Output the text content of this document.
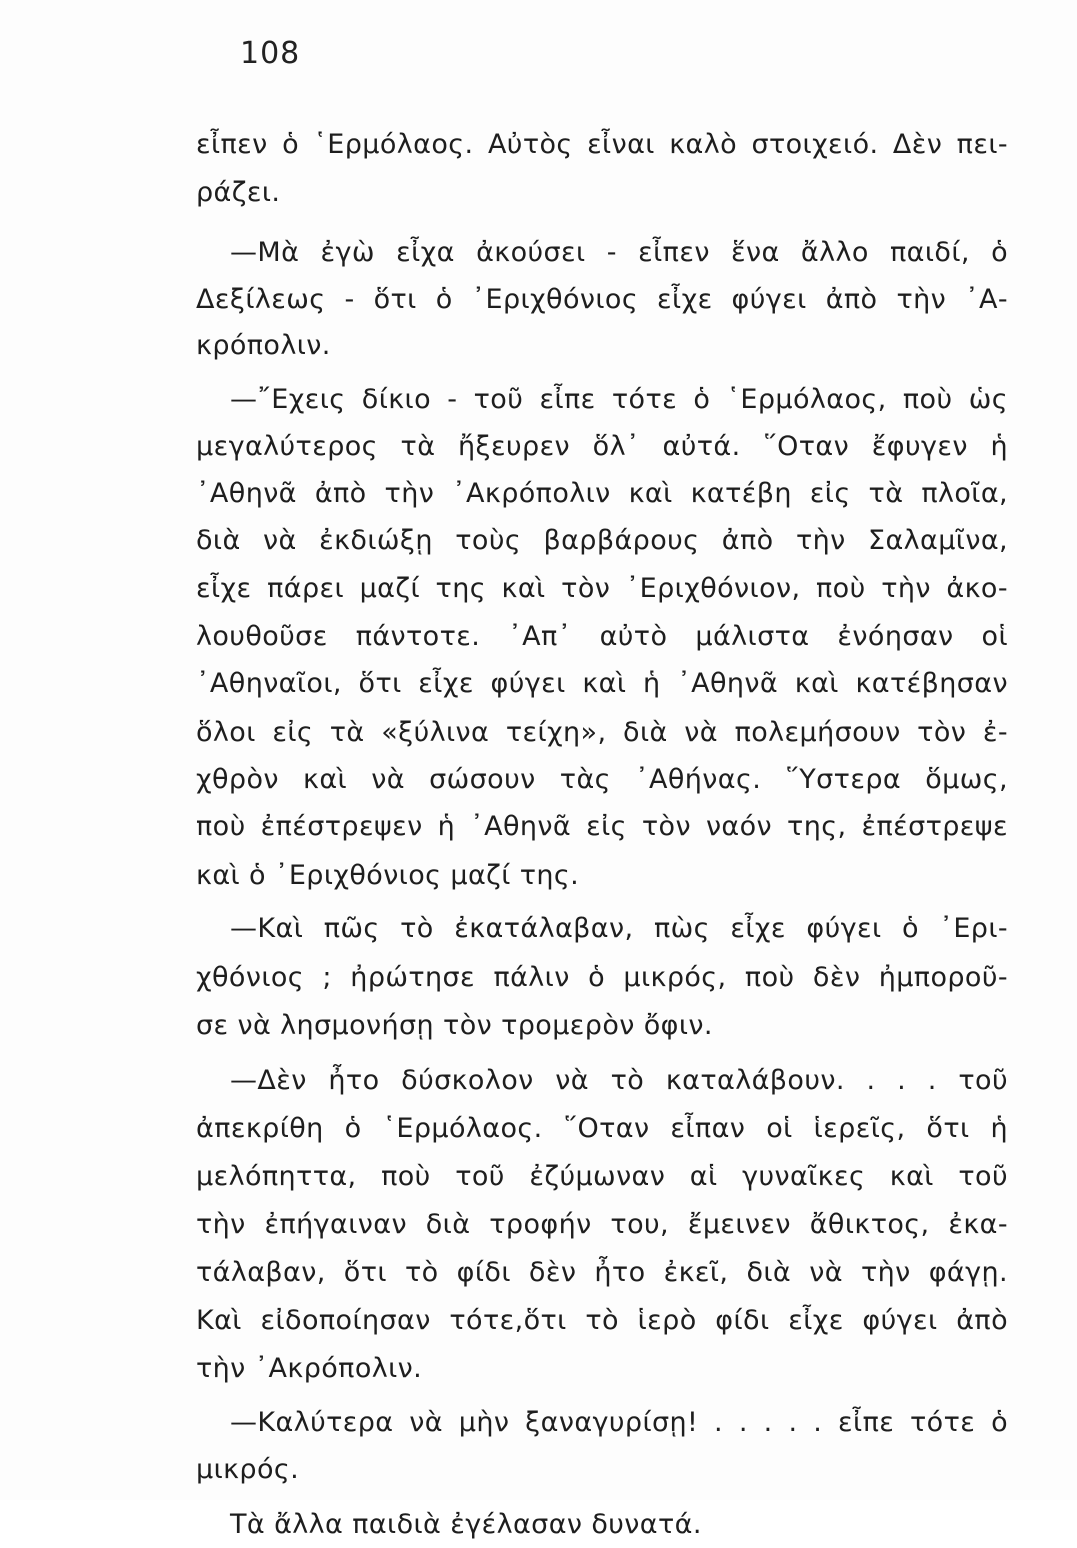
108
εἶπεν ὁ ῾Ερμόλαος. Αὐτὸς εἶναι καλὸ στοιχειό. Δὲν πει-
ράζει.
—Μὰ ἐγὼ εἶχα ἀκούσει - εἶπεν ἕνα ἄλλο παιδί, ὁ
Δεξίλεως - ὅτι ὁ ᾿Εριχθόνιος εἶχε φύγει ἀπὸ τὴν ᾿Α-
κρόπολιν.
—῎Εχεις δίκιο - τοῦ εἶπε τότε ὁ ῾Ερμόλαος, ποὺ ὡς
μεγαλύτερος τὰ ἤξευρεν ὅλ᾿ αὐτά. ῞Οταν ἔφυγεν ἡ
᾿Αθηνᾶ ἀπὸ τὴν ᾿Ακρόπολιν καὶ κατέβη εἰς τὰ πλοῖα,
διὰ νὰ ἐκδιώξῃ τοὺς βαρβάρους ἀπὸ τὴν Σαλαμῖνα,
εἶχε πάρει μαζί της καὶ τὸν ᾿Εριχθόνιον, ποὺ τὴν ἀκο-
λουθοῦσε πάντοτε. ᾿Απ᾿ αὐτὸ μάλιστα ἐνόησαν οἱ
᾿Αθηναῖοι, ὅτι εἶχε φύγει καὶ ἡ ᾿Αθηνᾶ καὶ κατέβησαν
ὅλοι εἰς τὰ «ξύλινα τείχη», διὰ νὰ πολεμήσουν τὸν ἐ-
χθρὸν καὶ νὰ σώσουν τὰς ᾿Αθήνας. ῞Υστερα ὅμως,
ποὺ ἐπέστρεψεν ἡ ᾿Αθηνᾶ εἰς τὸν ναόν της, ἐπέστρεψε
καὶ ὁ ᾿Εριχθόνιος μαζί της.
—Καὶ πῶς τὸ ἐκατάλαβαν, πὼς εἶχε φύγει ὁ ᾿Ερι-
χθόνιος ; ἠρώτησε πάλιν ὁ μικρός, ποὺ δὲν ἠμποροῦ-
σε νὰ λησμονήσῃ τὸν τρομερὸν ὄφιν.
—Δὲν ἦτο δύσκολον νὰ τὸ καταλάβουν. . . . τοῦ
ἀπεκρίθη ὁ ῾Ερμόλαος. ῞Οταν εἶπαν οἱ ἱερεῖς, ὅτι ἡ
μελόπηττα, ποὺ τοῦ ἐζύμωναν αἱ γυναῖκες καὶ τοῦ
τὴν ἐπήγαιναν διὰ τροφήν του, ἔμεινεν ἄθικτος, ἐκα-
τάλαβαν, ὅτι τὸ φίδι δὲν ἦτο ἐκεῖ, διὰ νὰ τὴν φάγῃ.
Καὶ εἰδοποίησαν τότε,ὅτι τὸ ἱερὸ φίδι εἶχε φύγει ἀπὸ
τὴν ᾿Ακρόπολιν.
—Καλύτερα νὰ μὴν ξαναγυρίσῃ! . . . . . εἶπε τότε ὁ
μικρός.
Τὰ ἄλλα παιδιὰ ἐγέλασαν δυνατά.
